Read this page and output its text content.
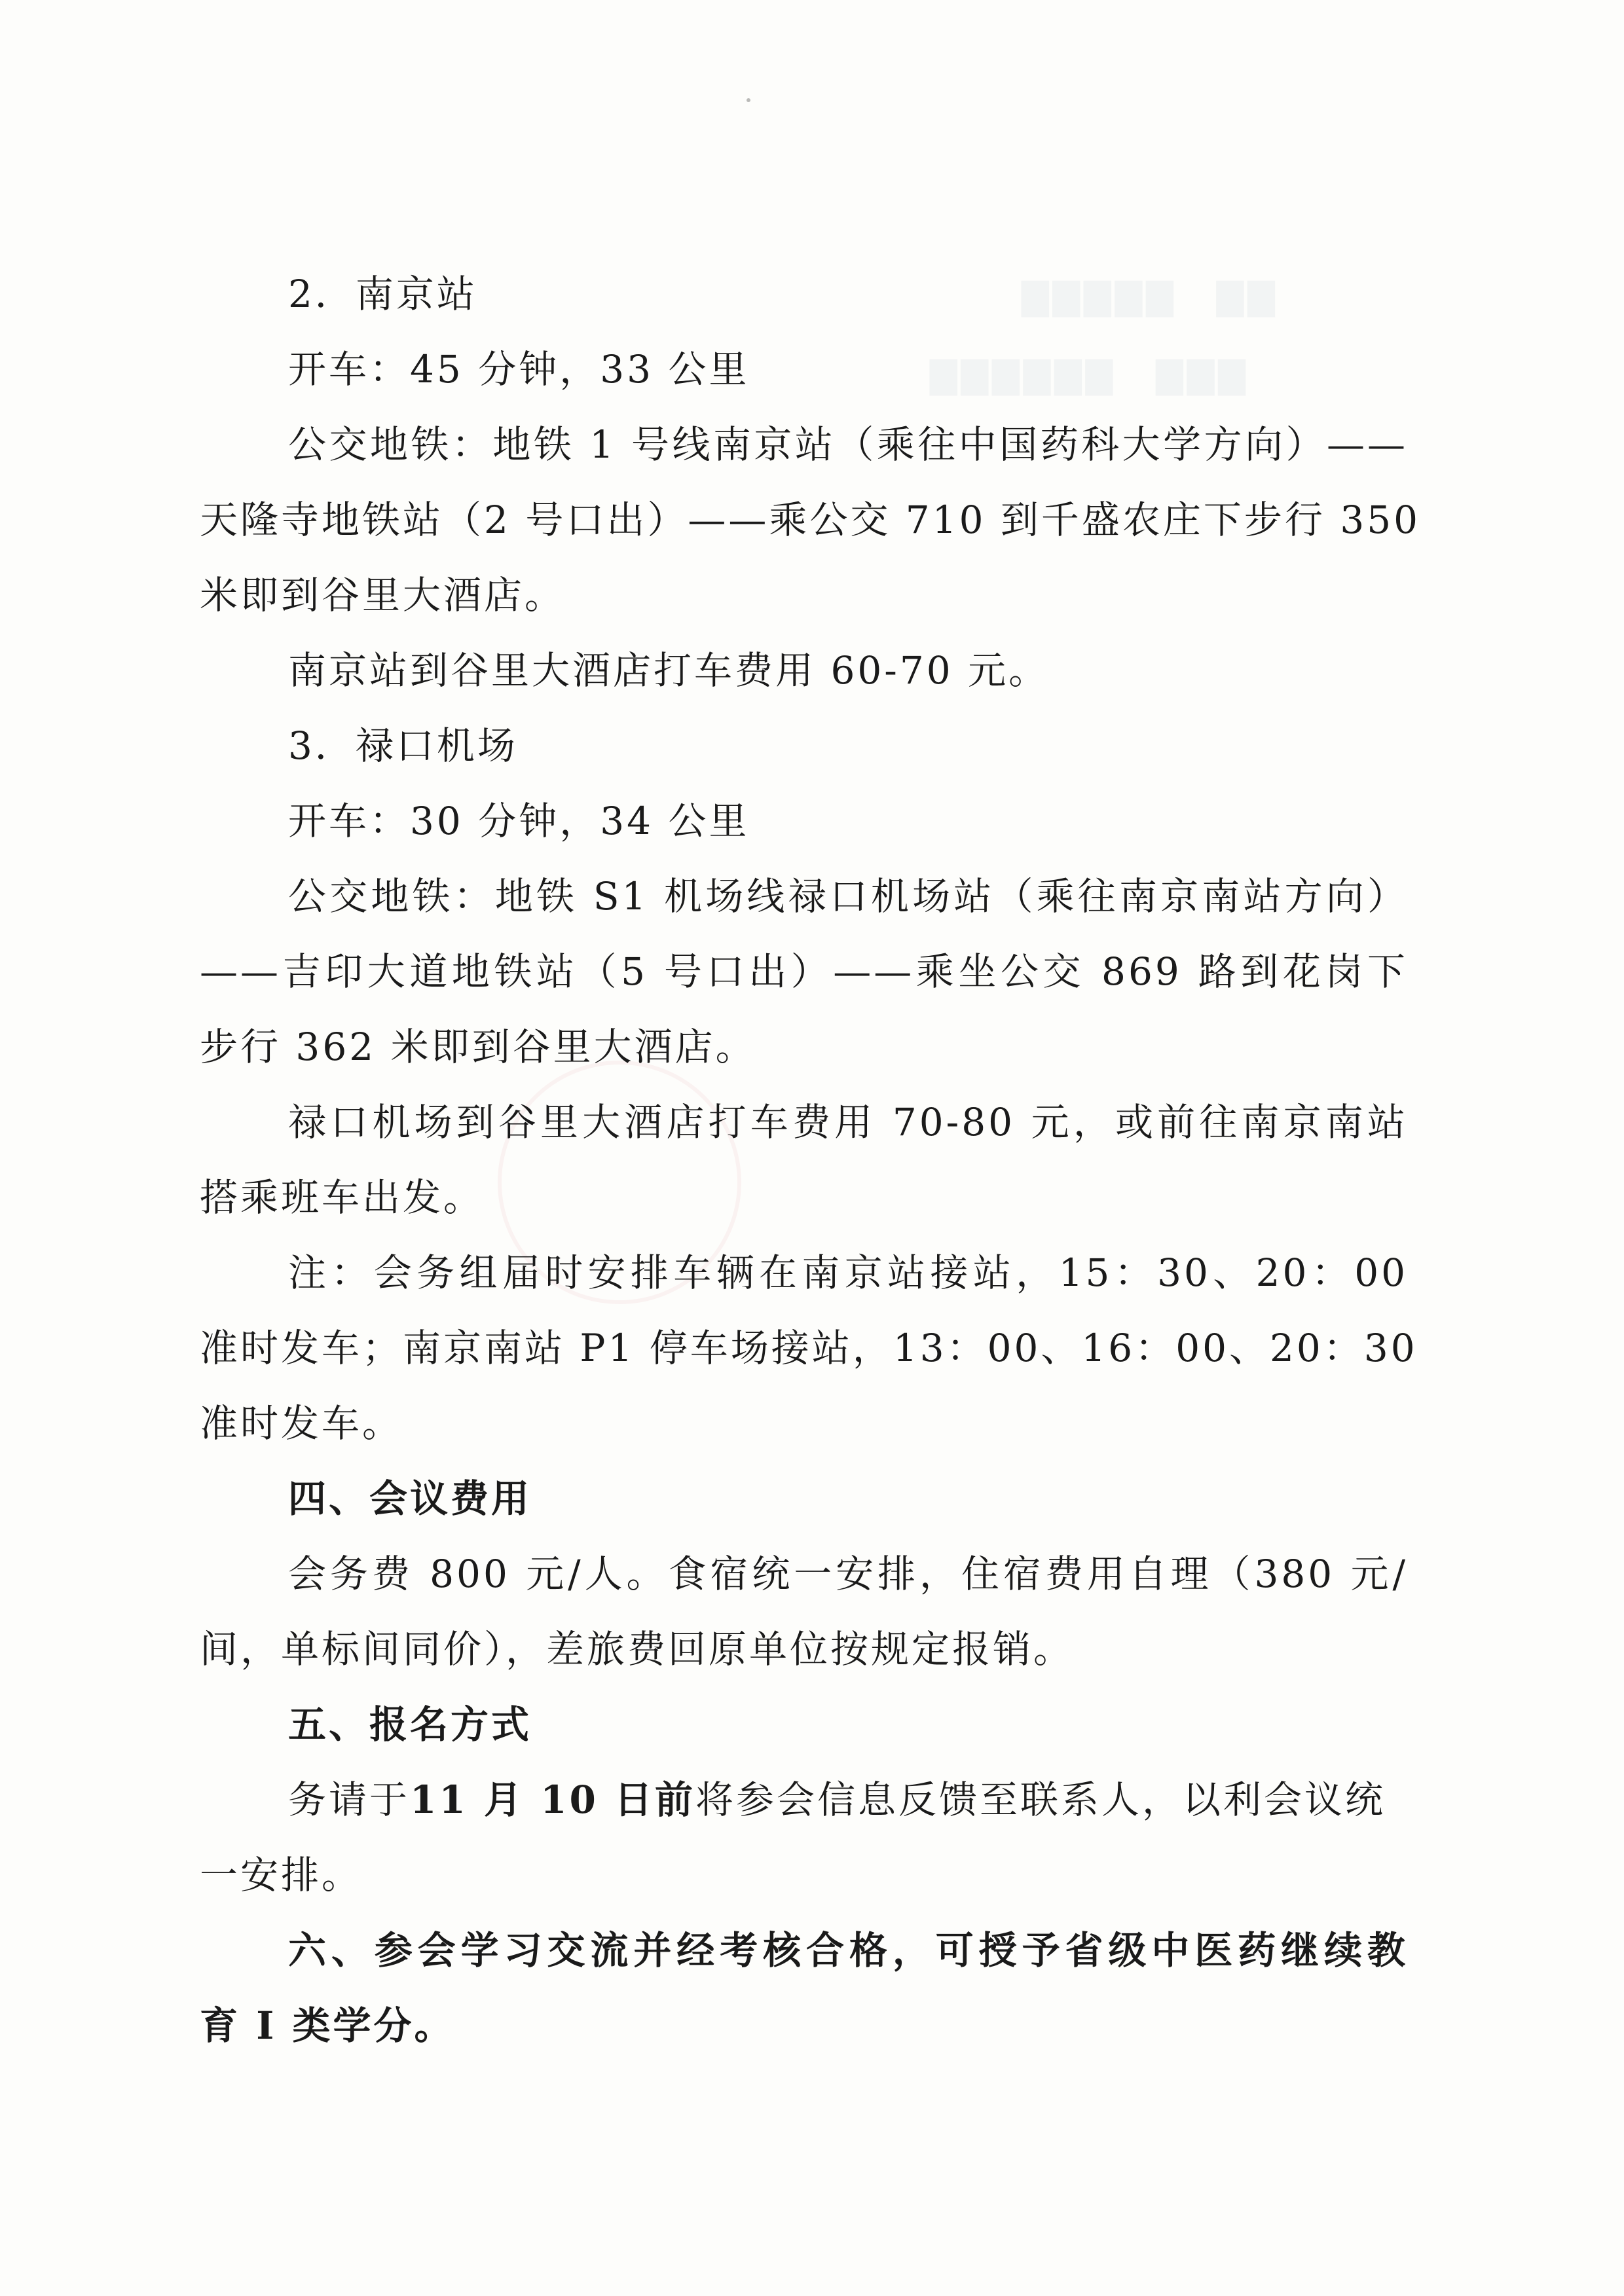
▇▇▇▇▇　▇▇
▇▇▇▇▇▇　▇▇▇
2．南京站
开车：45 分钟，33 公里
公交地铁：地铁 1 号线南京站（乘往中国药科大学方向）——
天隆寺地铁站（2 号口出）——乘公交 710 到千盛农庄下步行 350
米即到谷里大酒店。
南京站到谷里大酒店打车费用 60-70 元。
3．禄口机场
开车：30 分钟，34 公里
公交地铁：地铁 S1 机场线禄口机场站（乘往南京南站方向）
——吉印大道地铁站（5 号口出）——乘坐公交 869 路到花岗下
步行 362 米即到谷里大酒店。
禄口机场到谷里大酒店打车费用 70-80 元，或前往南京南站
搭乘班车出发。
注：会务组届时安排车辆在南京站接站，15：30、20：00
准时发车；南京南站 P1 停车场接站，13：00、16：00、20：30
准时发车。
四、会议费用
会务费 800 元/人。食宿统一安排，住宿费用自理（380 元/
间，单标间同价），差旅费回原单位按规定报销。
五、报名方式
务请于11 月 10 日前将参会信息反馈至联系人，以利会议统
一安排。
六、参会学习交流并经考核合格，可授予省级中医药继续教
育 I 类学分。
